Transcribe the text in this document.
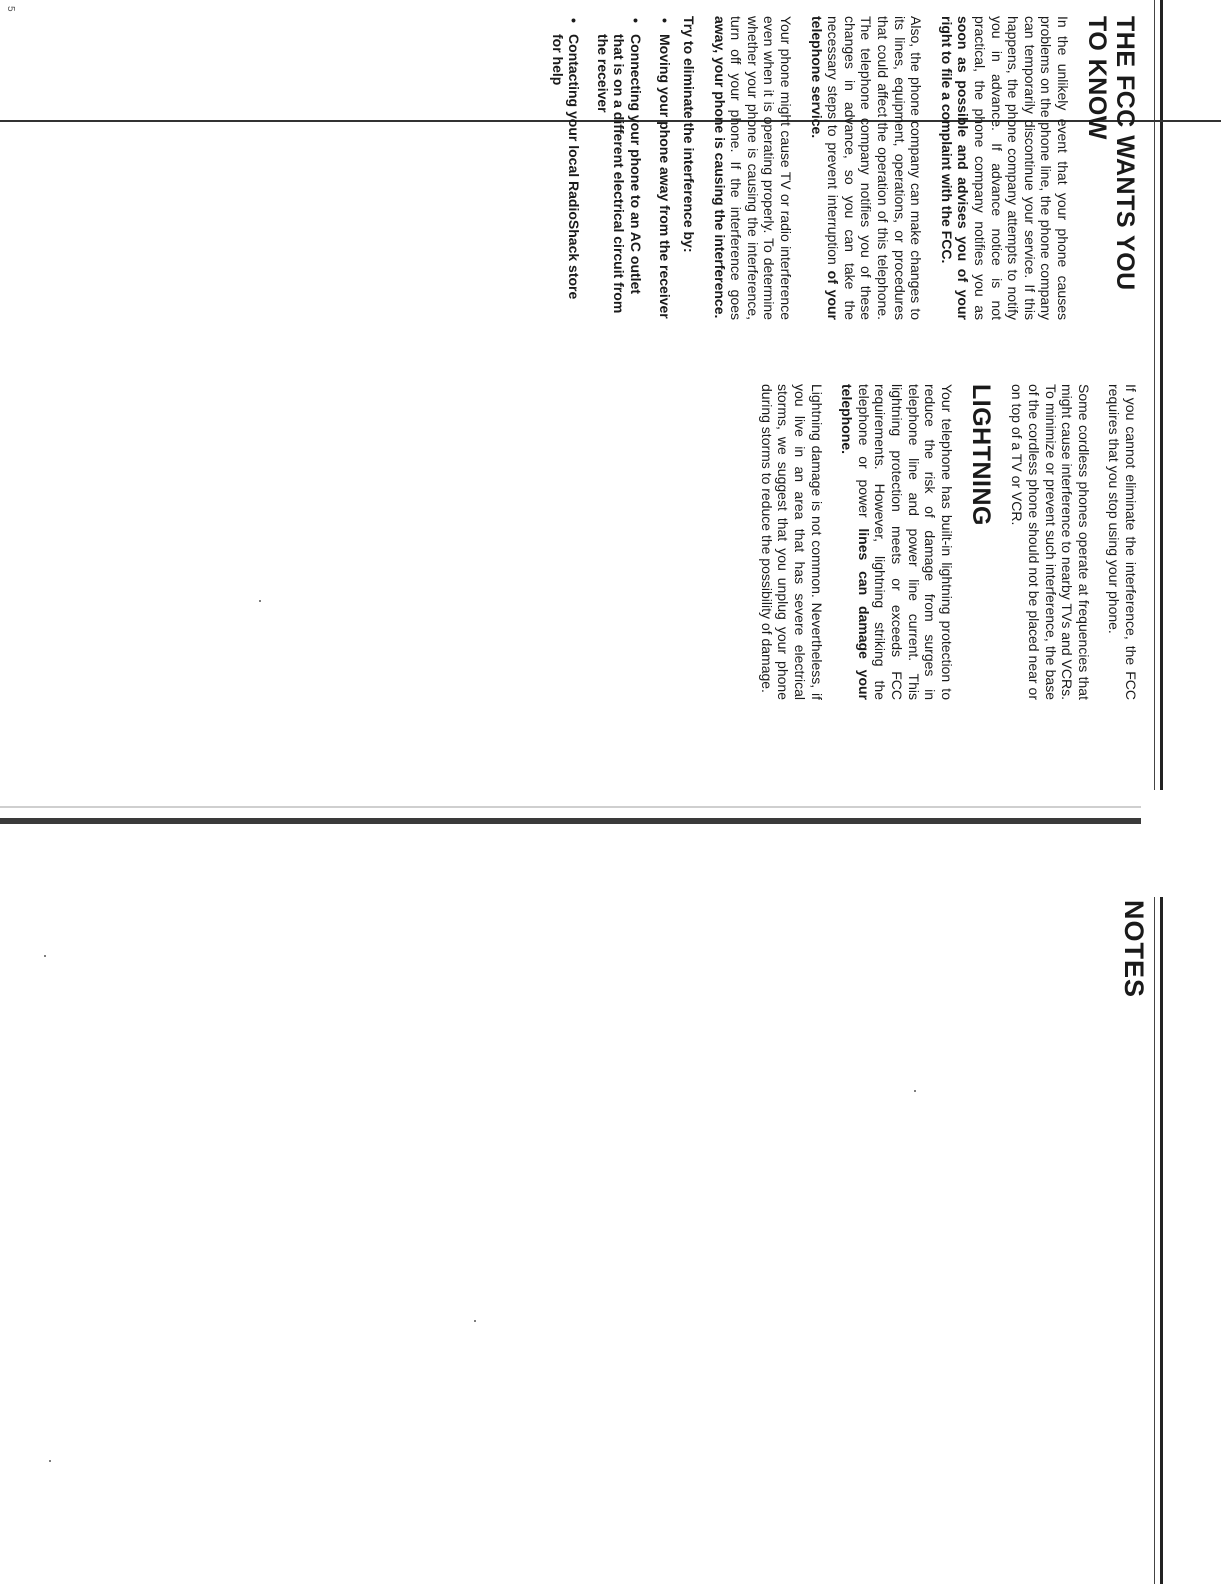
THE FCC WANTS YOU TO KNOW

In the unlikely event that your phone causes problems on the phone line, the phone company can temporarily discontinue your service. If this happens, the phone company attempts to notify you in advance. If advance notice is not practical, the phone company notifies you as soon as possible and advises you of your right to file a complaint with the FCC.

Also, the phone company can make changes to its lines, equipment, operations, or procedures that could affect the operation of this telephone. The telephone company notifies you of these changes in advance, so you can take the necessary steps to prevent interruption of your telephone service.

Your phone might cause TV or radio interference even when it is operating properly. To determine whether your phone is causing the interference, turn off your phone. If the interference goes away, your phone is causing the interference.

Try to eliminate the interference by:

• Moving your phone away from the receiver
• Connecting your phone to an AC outlet that is on a different electrical circuit from the receiver
• Contacting your local RadioShack store for help

If you cannot eliminate the interference, the FCC requires that you stop using your phone.

Some cordless phones operate at frequencies that might cause interference to nearby TVs and VCRs. To minimize or prevent such interference, the base of the cordless phone should not be placed near or on top of a TV or VCR.

LIGHTNING

Your telephone has built-in lightning protection to reduce the risk of damage from surges in telephone line and power line current. This lightning protection meets or exceeds FCC requirements. However, lightning striking the telephone or power lines can damage your telephone.

Lightning damage is not common. Nevertheless, if you live in an area that has severe electrical storms, we suggest that you unplug your phone during storms to reduce the possibility of damage.

5
NOTES
